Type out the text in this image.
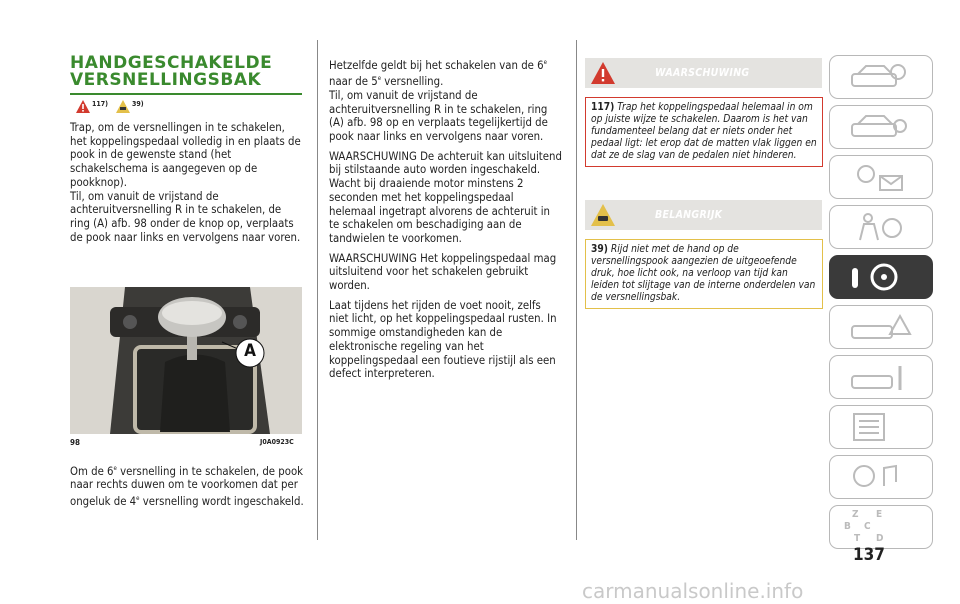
HANDGESCHAKELDE
VERSNELLINGSBAK
117)	39)

Trap, om de versnellingen in te schakelen, het koppelingspedaal volledig in en plaats de pook in de gewenste stand (het schakelschema is aangegeven op de pookknop).

Til, om vanuit de vrijstand de achteruitversnelling R in te schakelen, de ring (A) afb. 98 onder de knop op, verplaats de pook naar links en vervolgens naar voren.

A
98	J0A0923C

Om de 6e versnelling in te schakelen, de pook naar rechts duwen om te voorkomen dat per ongeluk de 4e versnelling wordt ingeschakeld.

Hetzelfde geldt bij het schakelen van de 6e naar de 5e versnelling.

Til, om vanuit de vrijstand de achteruitversnelling R in te schakelen, ring (A) afb. 98 op en verplaats tegelijkertijd de pook naar links en vervolgens naar voren.

WAARSCHUWING De achteruit kan uitsluitend bij stilstaande auto worden ingeschakeld. Wacht bij draaiende motor minstens 2 seconden met het koppelingspedaal helemaal ingetrapt alvorens de achteruit in te schakelen om beschadiging aan de tandwielen te voorkomen.

WAARSCHUWING Het koppelingspedaal mag uitsluitend voor het schakelen gebruikt worden.

Laat tijdens het rijden de voet nooit, zelfs niet licht, op het koppelingspedaal rusten. In sommige omstandigheden kan de elektronische regeling van het koppelingspedaal een foutieve rijstijl als een defect interpreteren.

WAARSCHUWING

117) Trap het koppelingspedaal helemaal in om op juiste wijze te schakelen. Daarom is het van fundamenteel belang dat er niets onder het pedaal ligt: let erop dat de matten vlak liggen en dat ze de slag van de pedalen niet hinderen.

BELANGRIJK

39) Rijd niet met de hand op de versnellingspook aangezien de uitgeoefende druk, hoe licht ook, na verloop van tijd kan leiden tot slijtage van de interne onderdelen van de versnellingsbak.

Z E
B C
T D
137
carmanualsonline.info
